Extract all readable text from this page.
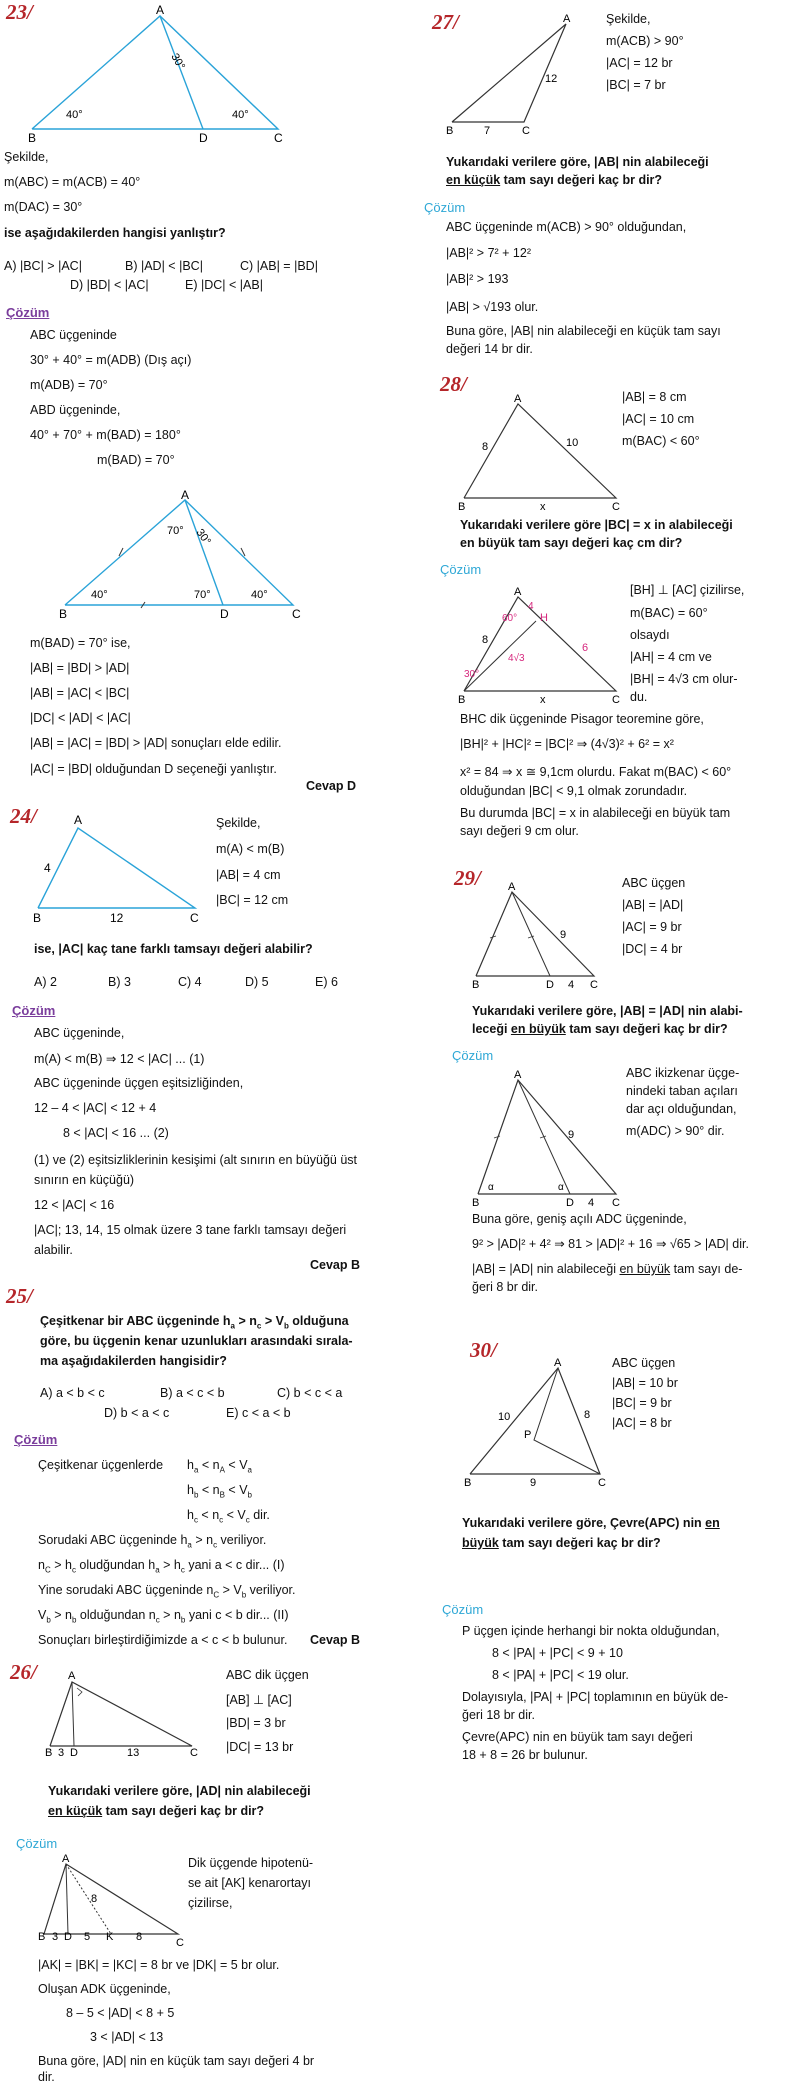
23/	A
B	D	C
30°
40°	40°
Şekilde,
m(ABC) = m(ACB) = 40°
m(DAC) = 30°
ise aşağıdakilerden hangisi yanlıştır?
A) |BC| > |AC|	B) |AD| < |BC|	C) |AB| = |BD|
D) |BD| < |AC|	E) |DC| < |AB|
Çözüm
ABC üçgeninde
30° + 40° = m(ADB) (Dış açı)
m(ADB) = 70°
ABD üçgeninde,
40° + 70° + m(BAD) = 180°
m(BAD) = 70°
A
B	D	C
70° 30°
40°	70°	40°
m(BAD) = 70° ise,
|AB| = |BD| > |AD|
|AB| = |AC| < |BC|
|DC| < |AD| < |AC|
|AB| = |AC| = |BD| > |AD| sonuçları elde edilir.
|AC| = |BD| olduğundan D seçeneği yanlıştır.
Cevap D
24/	A
B	C
4
12
Şekilde,
m(A) < m(B)
|AB| = 4 cm
|BC| = 12 cm
ise, |AC| kaç tane farklı tamsayı değeri alabilir?
A) 2	B) 3	C) 4	D) 5	E) 6
Çözüm
ABC üçgeninde,
m(A) < m(B) ⇒ 12 < |AC| ... (1)
ABC üçgeninde üçgen eşitsizliğinden,
12 – 4 < |AC| < 12 + 4
8 < |AC| < 16 ... (2)
(1) ve (2) eşitsizliklerinin kesişimi (alt sınırın en büyüğü üst
sınırın en küçüğü)
12 < |AC| < 16
|AC|; 13, 14, 15 olmak üzere 3 tane farklı tamsayı değeri
alabilir.
Cevap B
25/
Çeşitkenar bir ABC üçgeninde $h_a > n_c > V_b$ olduğuna
göre, bu üçgenin kenar uzunlukları arasındaki sırala-
ma aşağıdakilerden hangisidir?
A) a < b < c	B) a < c < b	C) b < c < a
D) b < a < c	E) c < a < b
Çözüm
Çeşitkenar üçgenlerde $h_a < n_A < V_a$
$h_b < n_B < V_b$
$h_c < n_c < V_c$ dir.
Sorudaki ABC üçgeninde $h_a > n_c$ veriliyor.
$n_C > h_c$ oludğundan $h_a > h_c$ yani a < c dir... (I)
Yine sorudaki ABC üçgeninde $n_C > V_b$ veriliyor.
$V_b > n_b$ olduğundan $n_c > n_b$ yani c < b dir... (II)
Sonuçları birleştirdiğimizde a < c < b bulunur. Cevap B
26/	A
B 3 D	13	C
ABC dik üçgen
[AB] ⊥ [AC]
|BD| = 3 br
|DC| = 13 br
Yukarıdaki verilere göre, |AD| nin alabileceği
en küçük tam sayı değeri kaç br dir?
Çözüm
A
B 3 D 5 K 8	C
8
Dik üçgende hipotenü-
se ait [AK] kenarortayı
çizilirse,
|AK| = |BK| = |KC| = 8 br ve |DK| = 5 br olur.
Oluşan ADK üçgeninde,
8 – 5 < |AD| < 8 + 5
3 < |AD| < 13
Buna göre, |AD| nin en küçük tam sayı değeri 4 br
dir.
27/	A
B	C
12
7
Şekilde,
m(ACB) > 90°
|AC| = 12 br
|BC| = 7 br
Yukarıdaki verilere göre, |AB| nin alabileceği
en küçük tam sayı değeri kaç br dir?
Çözüm
ABC üçgeninde m(ACB) > 90° olduğundan,
|AB|² > 7² + 12²
|AB|² > 193
|AB| > √193 olur.
Buna göre, |AB| nin alabileceği en küçük tam sayı
değeri 14 br dir.
28/
A
B	C
8	10
x
|AB| = 8 cm
|AC| = 10 cm
m(BAC) < 60°
Yukarıdaki verilere göre |BC| = x in alabileceği
en büyük tam sayı değeri kaç cm dir?
Çözüm
A
B	C
H
8
4
6
4√3
60°
30°
x
[BH] ⊥ [AC] çizilirse,
m(BAC) = 60°
olsaydı
|AH| = 4 cm ve
|BH| = 4√3 cm olur-
du.
BHC dik üçgeninde Pisagor teoremine göre,
|BH|² + |HC|² = |BC|² ⇒ (4√3)² + 6² = x²
x² = 84 ⇒ x ≅ 9,1cm olurdu. Fakat m(BAC) < 60°
olduğundan |BC| < 9,1 olmak zorundadır.
Bu durumda |BC| = x in alabileceği en büyük tam
sayı değeri 9 cm olur.
29/ A
B	D	C
9
4
ABC üçgen
|AB| = |AD|
|AC| = 9 br
|DC| = 4 br
Yukarıdaki verilere göre, |AB| = |AD| nin alabi-
leceği en büyük tam sayı değeri kaç br dir?
Çözüm
A
B	D	C
9
4
α	α
ABC ikizkenar üçge-
nindeki taban açıları
dar açı olduğundan,
m(ADC) > 90° dir.
Buna göre, geniş açılı ADC üçgeninde,
9² > |AD|² + 4² ⇒ 81 > |AD|² + 16 ⇒ √65 > |AD| dir.
|AB| = |AD| nin alabileceği en büyük tam sayı de-
ğeri 8 br dir.
30/
A
B	C
P
10	8
9
ABC üçgen
|AB| = 10 br
|BC| = 9 br
|AC| = 8 br
Yukarıdaki verilere göre, Çevre(APC) nin en
büyük tam sayı değeri kaç br dir?
Çözüm
P üçgen içinde herhangi bir nokta olduğundan,
8 < |PA| + |PC| < 9 + 10
8 < |PA| + |PC| < 19 olur.
Dolayısıyla, |PA| + |PC| toplamının en büyük de-
ğeri 18 br dir.
Çevre(APC) nin en büyük tam sayı değeri
18 + 8 = 26 br bulunur.
